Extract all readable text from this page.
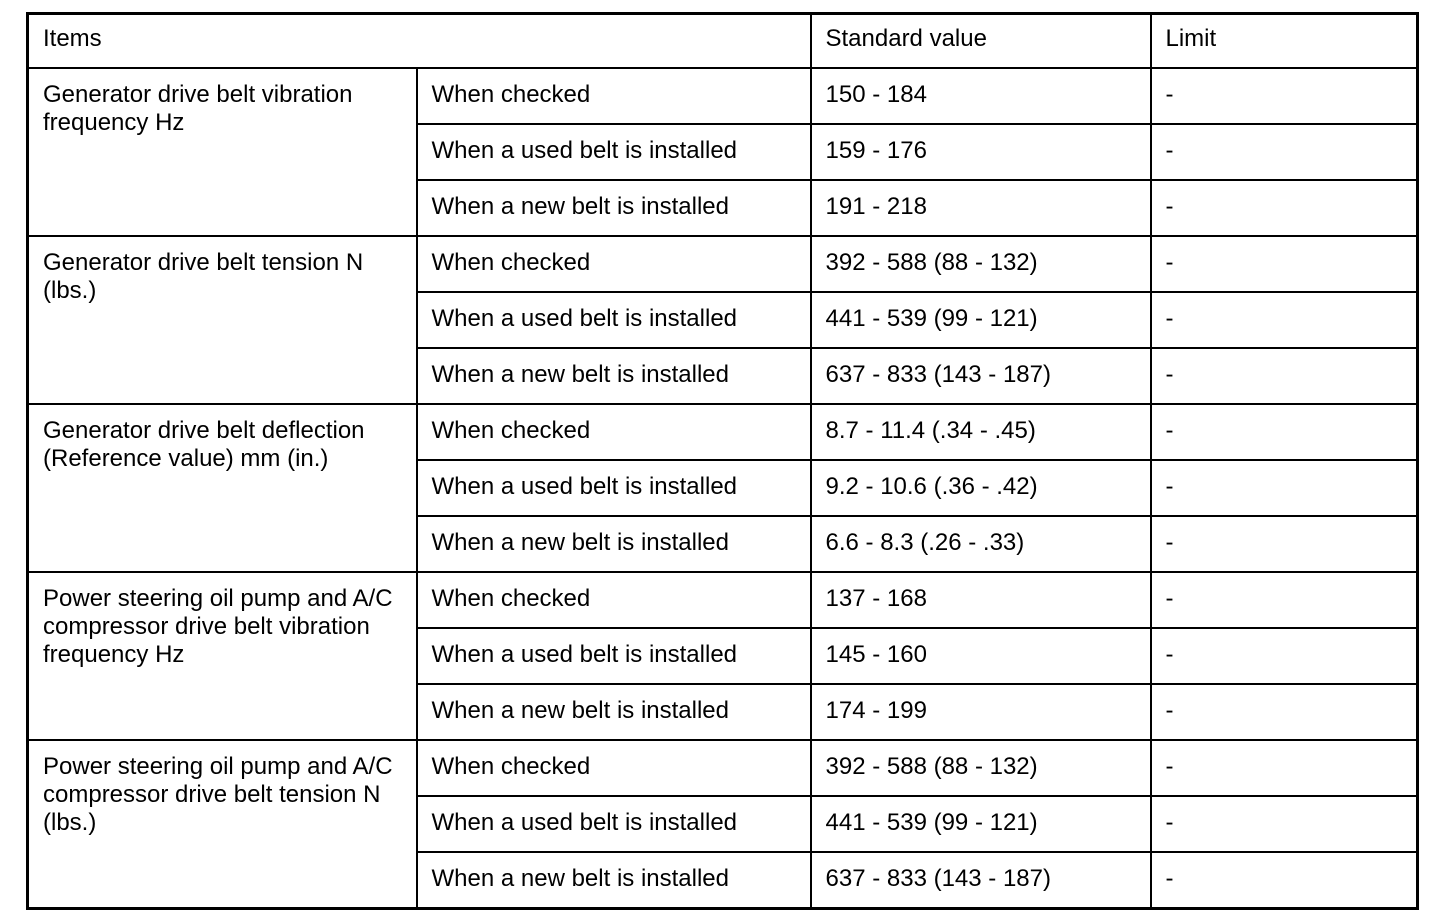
Items		Standard value	Limit
Generator drive belt vibration frequency Hz	When checked	150 - 184	-
	When a used belt is installed	159 - 176	-
	When a new belt is installed	191 - 218	-
Generator drive belt tension N (lbs.)	When checked	392 - 588 (88 - 132)	-
	When a used belt is installed	441 - 539 (99 - 121)	-
	When a new belt is installed	637 - 833 (143 - 187)	-
Generator drive belt deflection (Reference value) mm (in.)	When checked	8.7 - 11.4 (.34 - .45)	-
	When a used belt is installed	9.2 - 10.6 (.36 - .42)	-
	When a new belt is installed	6.6 - 8.3 (.26 - .33)	-
Power steering oil pump and A/C compressor drive belt vibration frequency Hz	When checked	137 - 168	-
	When a used belt is installed	145 - 160	-
	When a new belt is installed	174 - 199	-
Power steering oil pump and A/C compressor drive belt tension N (lbs.)	When checked	392 - 588 (88 - 132)	-
	When a used belt is installed	441 - 539 (99 - 121)	-
	When a new belt is installed	637 - 833 (143 - 187)	-
